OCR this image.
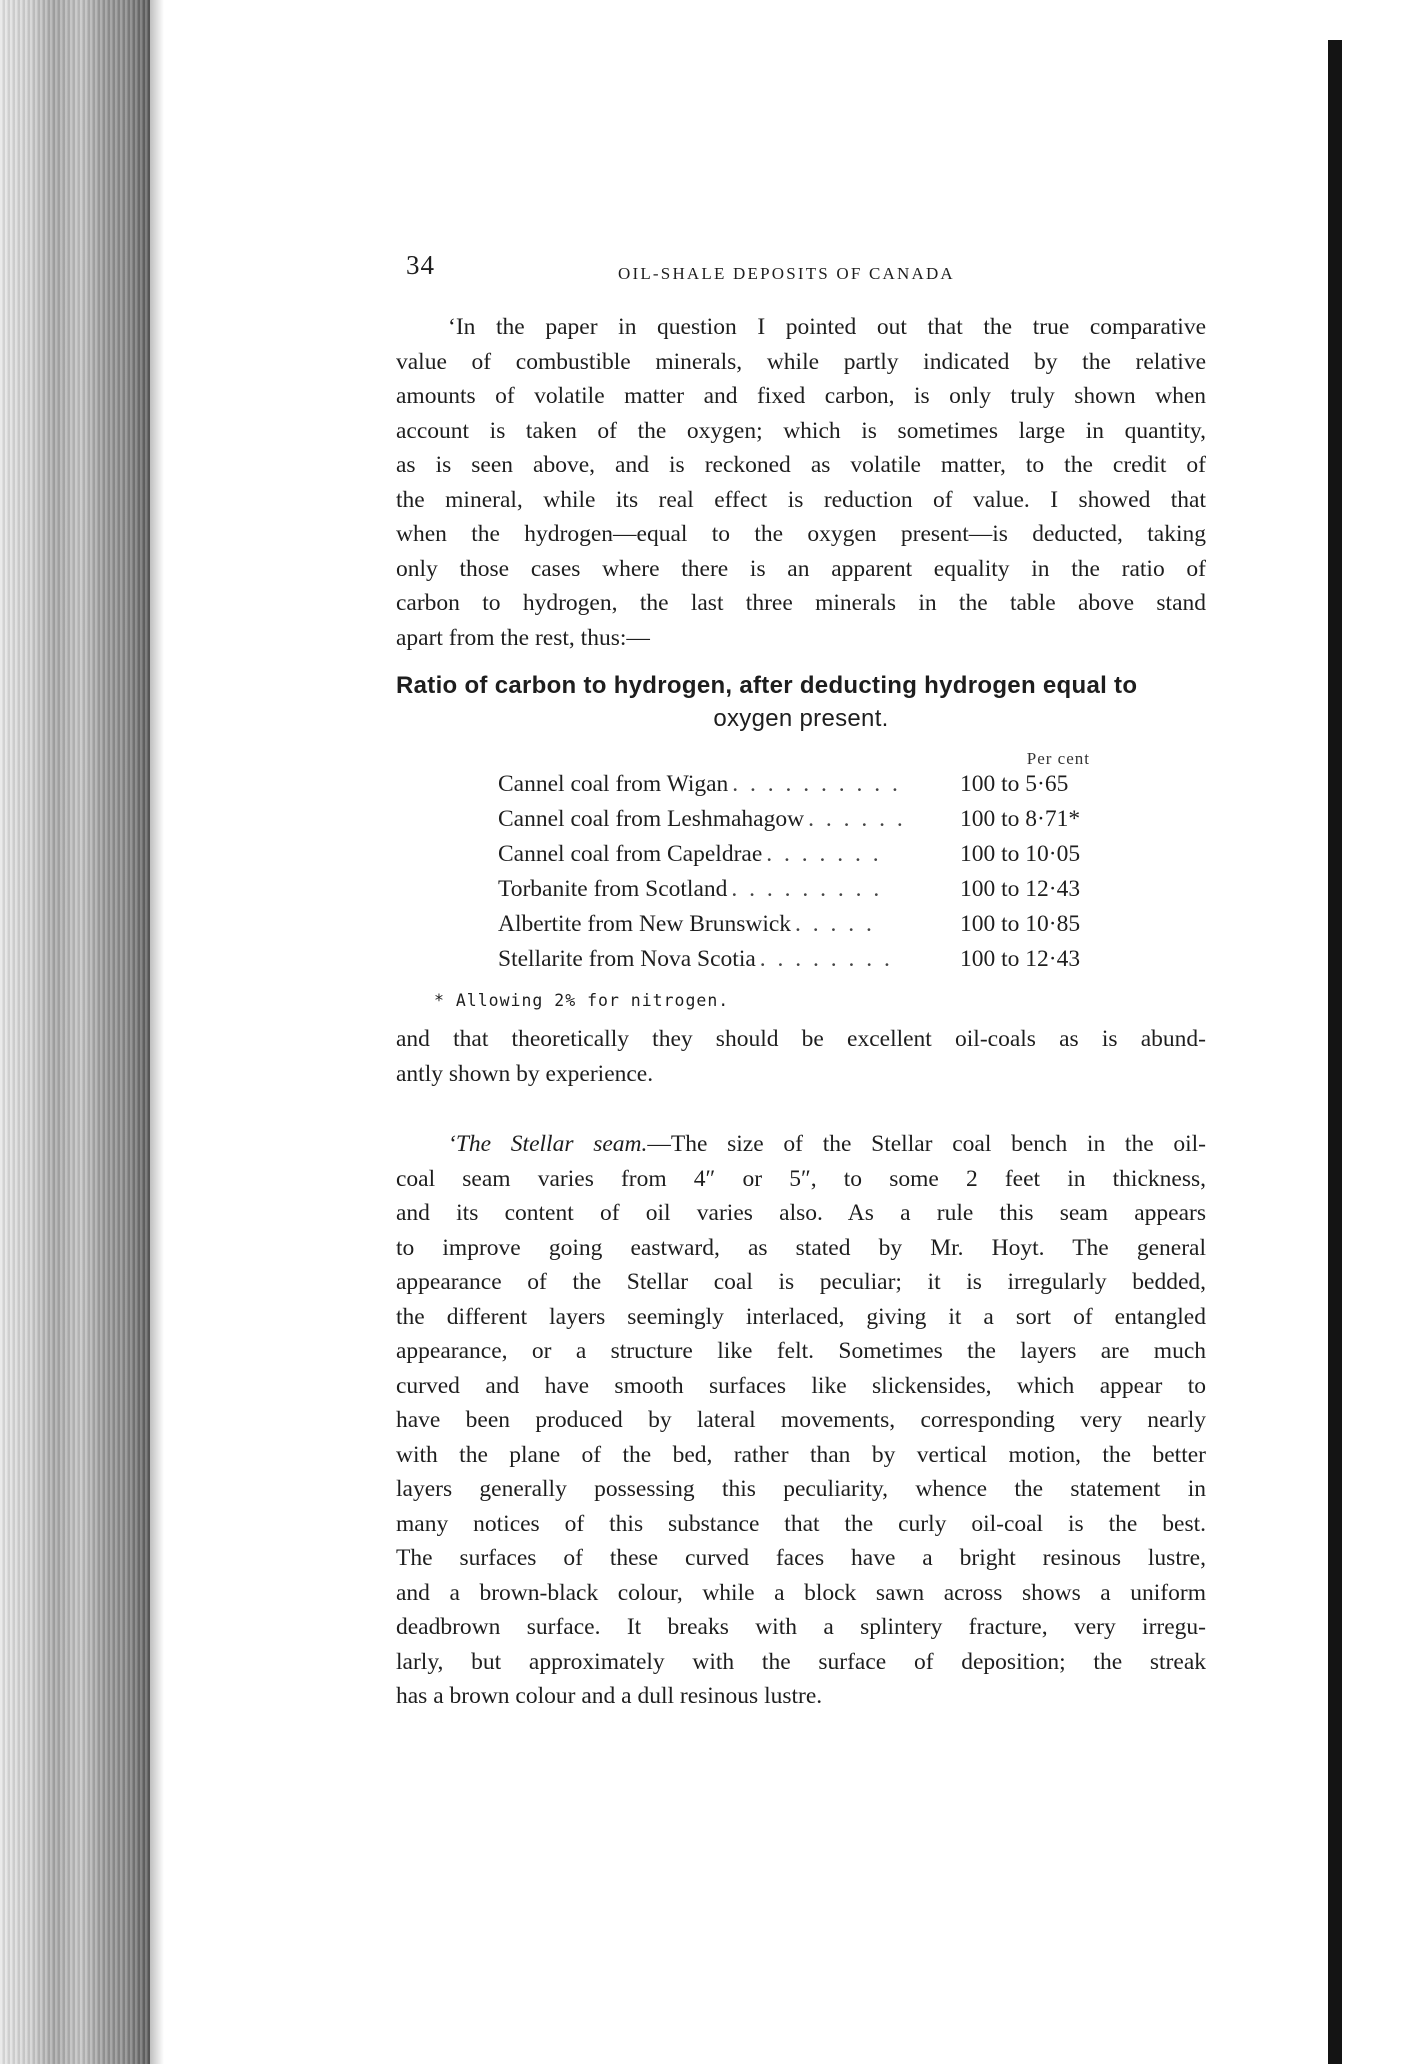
34	OIL-SHALE DEPOSITS OF CANADA

‘In the paper in question I pointed out that the true comparative
value of combustible minerals, while partly indicated by the relative
amounts of volatile matter and fixed carbon, is only truly shown when
account is taken of the oxygen; which is sometimes large in quantity,
as is seen above, and is reckoned as volatile matter, to the credit of
the mineral, while its real effect is reduction of value. I showed that
when the hydrogen—equal to the oxygen present—is deducted, taking
only those cases where there is an apparent equality in the ratio of
carbon to hydrogen, the last three minerals in the table above stand
apart from the rest, thus:—

Ratio of carbon to hydrogen, after deducting hydrogen equal to
oxygen present.
Per cent
Cannel coal from Wigan . . . . . . . . . .	100 to 5·65
Cannel coal from Leshmahagow . . . . . .	100 to 8·71*
Cannel coal from Capeldrae . . . . . . .	100 to 10·05
Torbanite from Scotland . . . . . . . . .	100 to 12·43
Albertite from New Brunswick . . . . .	100 to 10·85
Stellarite from Nova Scotia . . . . . . . .	100 to 12·43
* Allowing 2% for nitrogen.

and that theoretically they should be excellent oil-coals as is abund-
antly shown by experience.

‘The Stellar seam.—The size of the Stellar coal bench in the oil-
coal seam varies from 4″ or 5″, to some 2 feet in thickness,
and its content of oil varies also. As a rule this seam appears
to improve going eastward, as stated by Mr. Hoyt. The general
appearance of the Stellar coal is peculiar; it is irregularly bedded,
the different layers seemingly interlaced, giving it a sort of entangled
appearance, or a structure like felt. Sometimes the layers are much
curved and have smooth surfaces like slickensides, which appear to
have been produced by lateral movements, corresponding very nearly
with the plane of the bed, rather than by vertical motion, the better
layers generally possessing this peculiarity, whence the statement in
many notices of this substance that the curly oil-coal is the best.
The surfaces of these curved faces have a bright resinous lustre,
and a brown-black colour, while a block sawn across shows a uniform
deadbrown surface. It breaks with a splintery fracture, very irregu-
larly, but approximately with the surface of deposition; the streak
has a brown colour and a dull resinous lustre.
